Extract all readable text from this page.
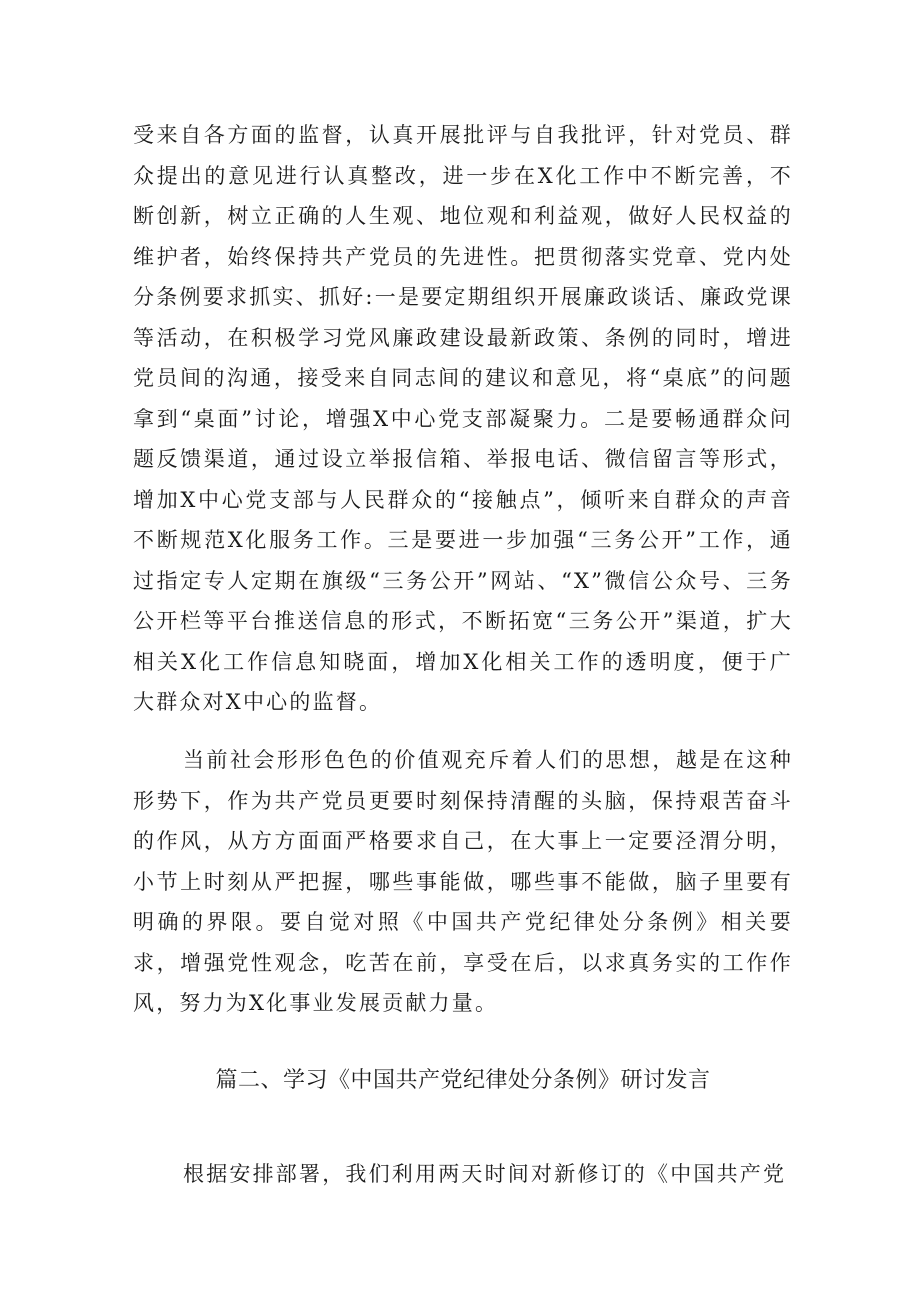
受来自各方面的监督，认真开展批评与自我批评，针对党员、群众提出的意见进行认真整改，进一步在X化工作中不断完善，不断创新，树立正确的人生观、地位观和利益观，做好人民权益的维护者，始终保持共产党员的先进性。把贯彻落实党章、党内处分条例要求抓实、抓好:一是要定期组织开展廉政谈话、廉政党课等活动，在积极学习党风廉政建设最新政策、条例的同时，增进党员间的沟通，接受来自同志间的建议和意见，将“桌底”的问题拿到“桌面”讨论，增强X中心党支部凝聚力。二是要畅通群众问题反馈渠道，通过设立举报信箱、举报电话、微信留言等形式，增加X中心党支部与人民群众的“接触点”，倾听来自群众的声音不断规范X化服务工作。三是要进一步加强“三务公开”工作，通过指定专人定期在旗级“三务公开”网站、“X”微信公众号、三务公开栏等平台推送信息的形式，不断拓宽“三务公开”渠道，扩大相关X化工作信息知晓面，增加X化相关工作的透明度，便于广大群众对X中心的监督。

当前社会形形色色的价值观充斥着人们的思想，越是在这种形势下，作为共产党员更要时刻保持清醒的头脑，保持艰苦奋斗的作风，从方方面面严格要求自己，在大事上一定要泾渭分明，小节上时刻从严把握，哪些事能做，哪些事不能做，脑子里要有明确的界限。要自觉对照《中国共产党纪律处分条例》相关要求，增强党性观念，吃苦在前，享受在后，以求真务实的工作作风，努力为X化事业发展贡献力量。

篇二、学习《中国共产党纪律处分条例》研讨发言

根据安排部署，我们利用两天时间对新修订的《中国共产党
